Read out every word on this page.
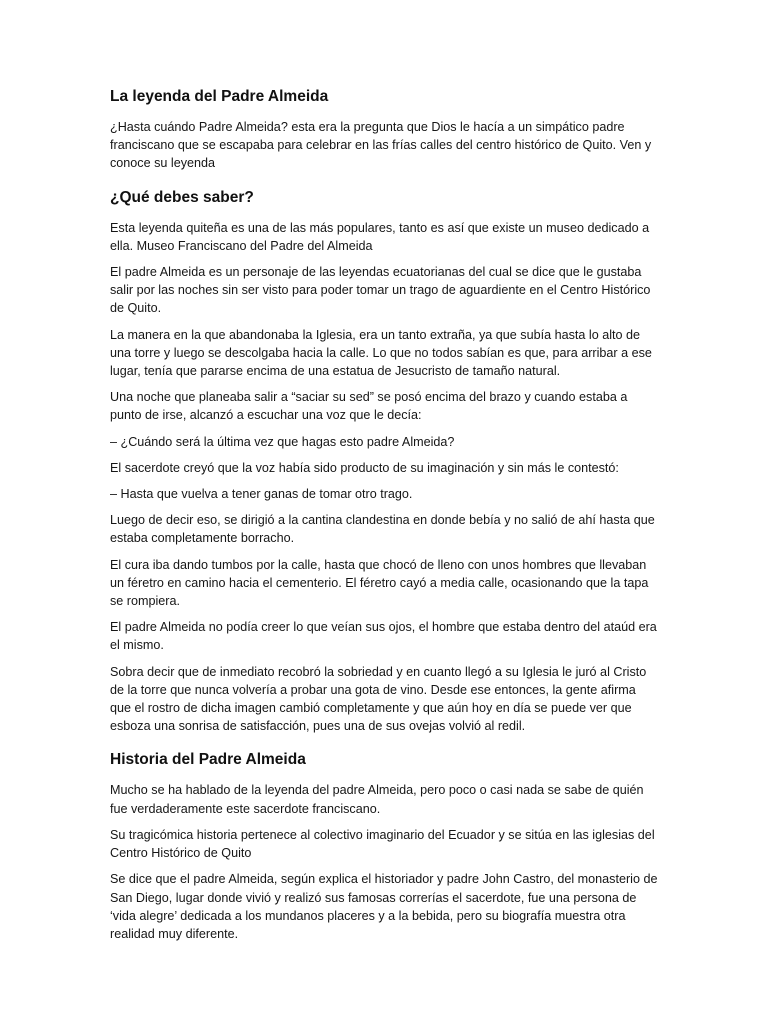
La leyenda del Padre Almeida

¿Hasta cuándo Padre Almeida? esta era la pregunta que Dios le hacía a un simpático padre franciscano que se escapaba para celebrar en las frías calles del centro histórico de Quito. Ven y conoce su leyenda

¿Qué debes saber?

Esta leyenda quiteña es una de las más populares, tanto es así que existe un museo dedicado a ella. Museo Franciscano del Padre del Almeida

El padre Almeida es un personaje de las leyendas ecuatorianas del cual se dice que le gustaba salir por las noches sin ser visto para poder tomar un trago de aguardiente en el Centro Histórico de Quito.

La manera en la que abandonaba la Iglesia, era un tanto extraña, ya que subía hasta lo alto de una torre y luego se descolgaba hacia la calle. Lo que no todos sabían es que, para arribar a ese lugar, tenía que pararse encima de una estatua de Jesucristo de tamaño natural.

Una noche que planeaba salir a “saciar su sed” se posó encima del brazo y cuando estaba a punto de irse, alcanzó a escuchar una voz que le decía:

– ¿Cuándo será la última vez que hagas esto padre Almeida?

El sacerdote creyó que la voz había sido producto de su imaginación y sin más le contestó:

– Hasta que vuelva a tener ganas de tomar otro trago.

Luego de decir eso, se dirigió a la cantina clandestina en donde bebía y no salió de ahí hasta que estaba completamente borracho.

El cura iba dando tumbos por la calle, hasta que chocó de lleno con unos hombres que llevaban un féretro en camino hacia el cementerio. El féretro cayó a media calle, ocasionando que la tapa se rompiera.

El padre Almeida no podía creer lo que veían sus ojos, el hombre que estaba dentro del ataúd era el mismo.

Sobra decir que de inmediato recobró la sobriedad y en cuanto llegó a su Iglesia le juró al Cristo de la torre que nunca volvería a probar una gota de vino. Desde ese entonces, la gente afirma que el rostro de dicha imagen cambió completamente y que aún hoy en día se puede ver que esboza una sonrisa de satisfacción, pues una de sus ovejas volvió al redil.

Historia del Padre Almeida

Mucho se ha hablado de la leyenda del padre Almeida, pero poco o casi nada se sabe de quién fue verdaderamente este sacerdote franciscano.

Su tragicómica historia pertenece al colectivo imaginario del Ecuador y se sitúa en las iglesias del Centro Histórico de Quito

Se dice que el padre Almeida, según explica el historiador y padre John Castro, del monasterio de San Diego, lugar donde vivió y realizó sus famosas correrías el sacerdote, fue una persona de ‘vida alegre’ dedicada a los mundanos placeres y a la bebida, pero su biografía muestra otra realidad muy diferente.
